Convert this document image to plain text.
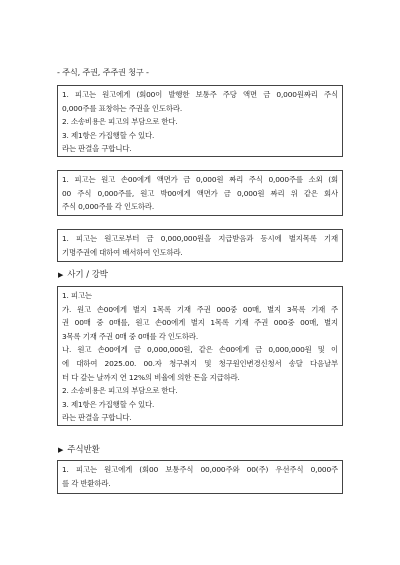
- 주식, 주권, 주주권 청구 -
1. 피고는 원고에게 (회00이 발행한 보통주 주당 액면 금 0,000원짜리 주식
0,000주를 표창하는 주권을 인도하라.
2. 소송비용은 피고의 부담으로 한다.
3. 제1항은 가집행할 수 있다.
라는 판결을 구합니다.
1. 피고는 원고 손00에게 액면가 금 0,000원 짜리 주식 0,000주를 소외 (회
00 주식 0,000주를, 원고 박00에게 액면가 금 0,000원 짜리 위 같은 회사
주식 0,000주를 각 인도하라.
1. 피고는 원고로부터 금 0,000,000원을 지급받음과 동시에 별지목록 기재
기명주권에 대하여 배서하여 인도하라.
▶ 사기 / 강박
1. 피고는
가. 원고 손00에게 별지 1목록 기재 주권 000중 00매, 별지 3목록 기재 주
권 00매 중 0매를, 원고 손00에게 별지 1목록 기재 주권 000중 00매, 별지
3목록 기재 주권 0매 중 0매를 각 인도하라.
나. 원고 손00에게 금 0,000,000원, 같은 손00에게 금 0,000,000원 및 이
에 대하여 2025.00. 00.자 청구취지 및 청구원인변경신청서 송달 다음날부
터 다 갚는 날까지 연 12%의 비율에 의한 돈을 지급하라.
2. 소송비용은 피고의 부담으로 한다.
3. 제1항은 가집행할 수 있다.
라는 판결을 구합니다.
▶ 주식반환
1. 피고는 원고에게 (회00 보통주식 00,000주와 00(주) 우선주식 0,000주
를 각 반환하라.
